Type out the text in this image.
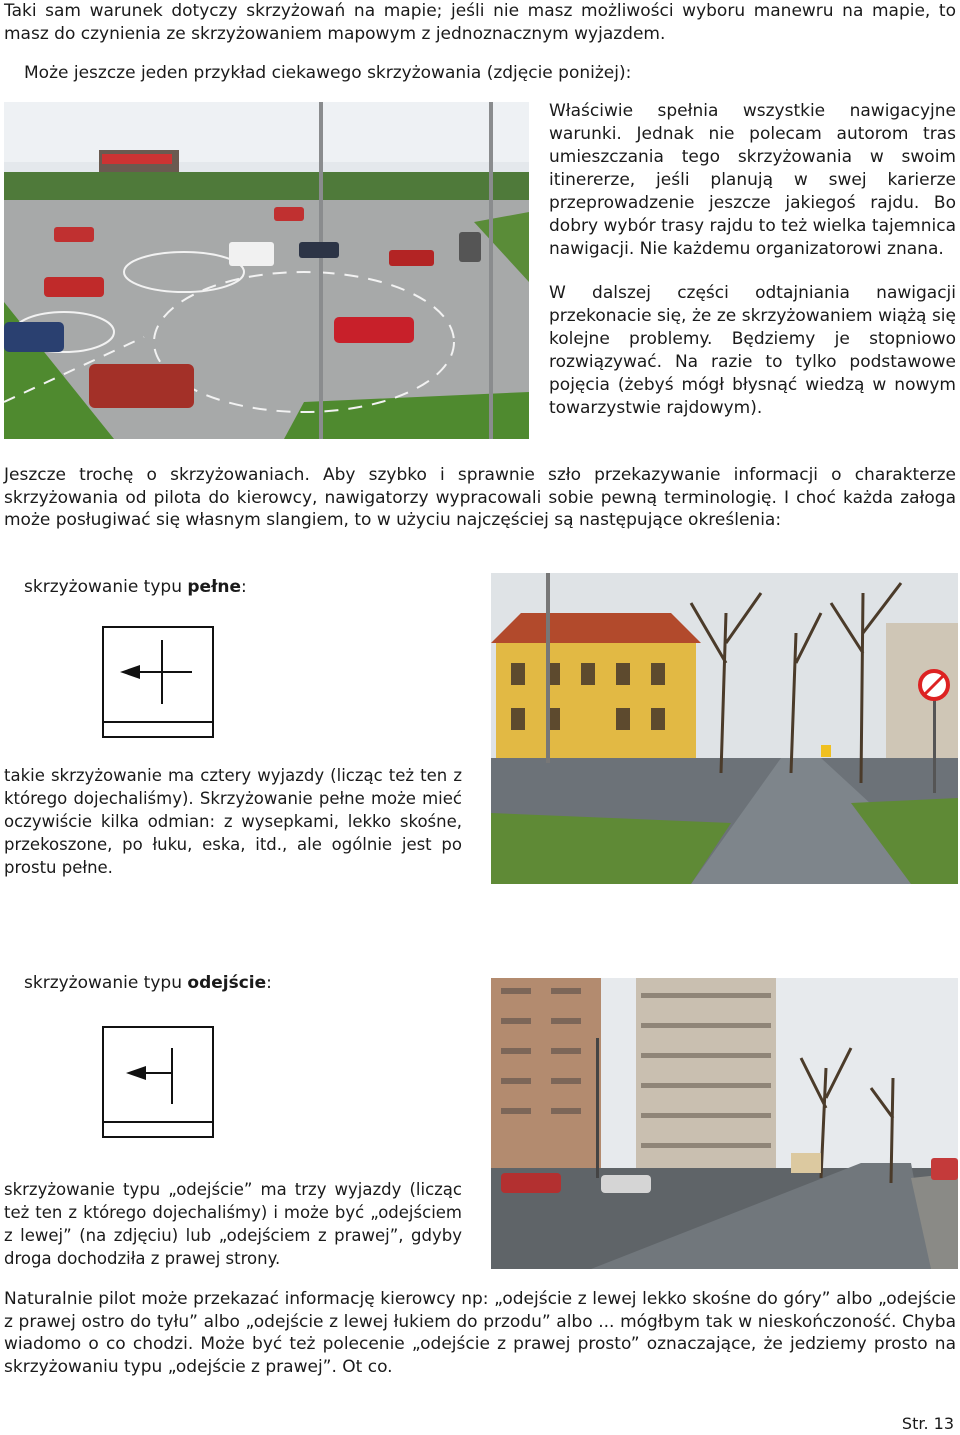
Taki sam warunek dotyczy skrzyżowań na mapie; jeśli nie masz możliwości wyboru manewru na mapie, to masz do czynienia ze skrzyżowaniem mapowym z jednoznacznym wyjazdem.

Może jeszcze jeden przykład ciekawego skrzyżowania (zdjęcie poniżej):

Właściwie spełnia wszystkie nawigacyjne warunki. Jednak nie polecam autorom tras umieszczania tego skrzyżowania w swoim itinererze, jeśli planują w swej karierze przeprowadzenie jeszcze jakiegoś rajdu. Bo dobry wybór trasy rajdu to też wielka tajemnica nawigacji. Nie każdemu organizatorowi znana.

W dalszej części odtajniania nawigacji przekonacie się, że ze skrzyżowaniem wiążą się kolejne problemy. Będziemy je stopniowo rozwiązywać. Na razie to tylko podstawowe pojęcia (żebyś mógł błysnąć wiedzą w nowym towarzystwie rajdowym).

Jeszcze trochę o skrzyżowaniach. Aby szybko i sprawnie szło przekazywanie informacji o charakterze skrzyżowania od pilota do kierowcy, nawigatorzy wypracowali sobie pewną terminologię. I choć każda załoga może posługiwać się własnym slangiem, to w użyciu najczęściej są następujące określenia:

skrzyżowanie typu pełne:

takie skrzyżowanie ma cztery wyjazdy (licząc też ten z którego dojechaliśmy). Skrzyżowanie pełne może mieć oczywiście kilka odmian: z wysepkami, lekko skośne, przekoszone, po łuku, eska, itd., ale ogólnie jest po prostu pełne.

skrzyżowanie typu odejście:

skrzyżowanie typu „odejście” ma trzy wyjazdy (licząc też ten z którego dojechaliśmy) i może być „odejściem z lewej” (na zdjęciu) lub „odejściem z prawej”, gdyby droga dochodziła z prawej strony.

Naturalnie pilot może przekazać informację kierowcy np: „odejście z lewej lekko skośne do góry” albo „odejście z prawej ostro do tyłu” albo „odejście z lewej łukiem do przodu” albo ... mógłbym tak w nieskończoność. Chyba wiadomo o co chodzi. Może być też polecenie „odejście z prawej prosto” oznaczające, że jedziemy prosto na skrzyżowaniu typu „odejście z prawej”. Ot co.

Str. 13
